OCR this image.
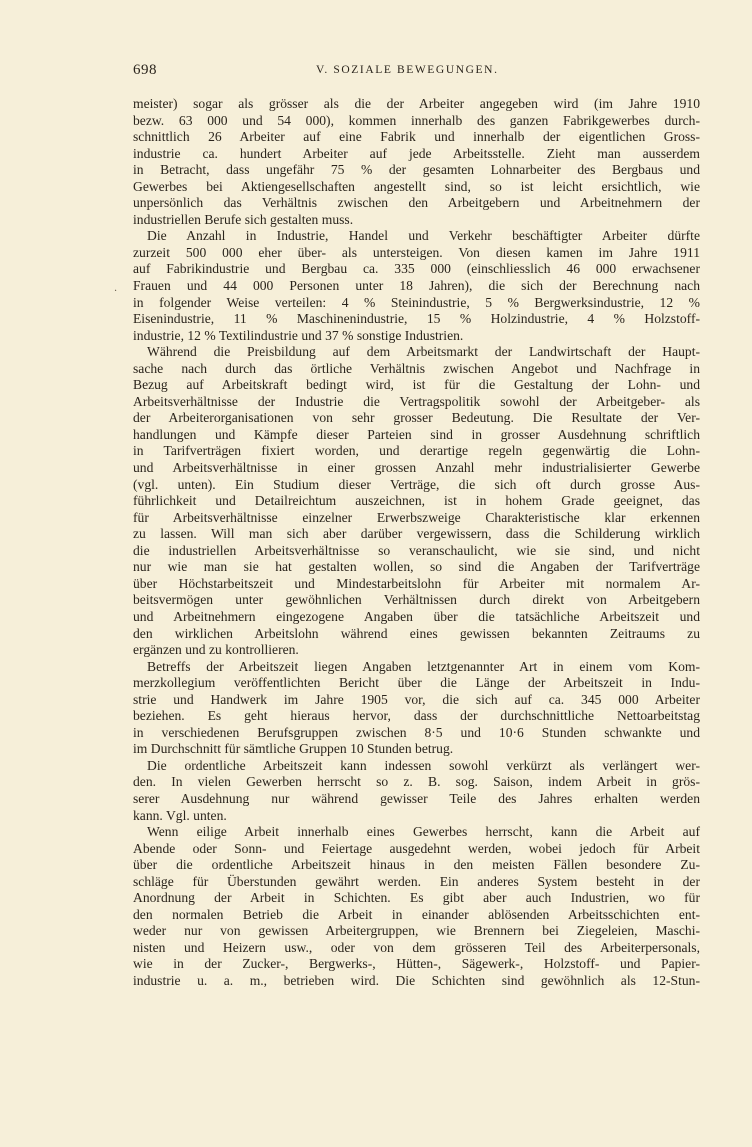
698	V. SOZIALE BEWEGUNGEN.
·
meister) sogar als grösser als die der Arbeiter angegeben wird (im Jahre 1910
bezw. 63 000 und 54 000), kommen innerhalb des ganzen Fabrikgewerbes durch-
schnittlich 26 Arbeiter auf eine Fabrik und innerhalb der eigentlichen Gross-
industrie ca. hundert Arbeiter auf jede Arbeitsstelle. Zieht man ausserdem
in Betracht, dass ungefähr 75 % der gesamten Lohnarbeiter des Bergbaus und
Gewerbes bei Aktiengesellschaften angestellt sind, so ist leicht ersichtlich, wie
unpersönlich das Verhältnis zwischen den Arbeitgebern und Arbeitnehmern der
industriellen Berufe sich gestalten muss.
Die Anzahl in Industrie, Handel und Verkehr beschäftigter Arbeiter dürfte
zurzeit 500 000 eher über- als untersteigen. Von diesen kamen im Jahre 1911
auf Fabrikindustrie und Bergbau ca. 335 000 (einschliesslich 46 000 erwachsener
Frauen und 44 000 Personen unter 18 Jahren), die sich der Berechnung nach
in folgender Weise verteilen: 4 % Steinindustrie, 5 % Bergwerksindustrie, 12 %
Eisenindustrie, 11 % Maschinenindustrie, 15 % Holzindustrie, 4 % Holzstoff-
industrie, 12 % Textilindustrie und 37 % sonstige Industrien.
Während die Preisbildung auf dem Arbeitsmarkt der Landwirtschaft der Haupt-
sache nach durch das örtliche Verhältnis zwischen Angebot und Nachfrage in
Bezug auf Arbeitskraft bedingt wird, ist für die Gestaltung der Lohn- und
Arbeitsverhältnisse der Industrie die Vertragspolitik sowohl der Arbeitgeber- als
der Arbeiterorganisationen von sehr grosser Bedeutung. Die Resultate der Ver-
handlungen und Kämpfe dieser Parteien sind in grosser Ausdehnung schriftlich
in Tarifverträgen fixiert worden, und derartige regeln gegenwärtig die Lohn-
und Arbeitsverhältnisse in einer grossen Anzahl mehr industrialisierter Gewerbe
(vgl. unten). Ein Studium dieser Verträge, die sich oft durch grosse Aus-
führlichkeit und Detailreichtum auszeichnen, ist in hohem Grade geeignet, das
für Arbeitsverhältnisse einzelner Erwerbszweige Charakteristische klar erkennen
zu lassen. Will man sich aber darüber vergewissern, dass die Schilderung wirklich
die industriellen Arbeitsverhältnisse so veranschaulicht, wie sie sind, und nicht
nur wie man sie hat gestalten wollen, so sind die Angaben der Tarifverträge
über Höchstarbeitszeit und Mindestarbeitslohn für Arbeiter mit normalem Ar-
beitsvermögen unter gewöhnlichen Verhältnissen durch direkt von Arbeitgebern
und Arbeitnehmern eingezogene Angaben über die tatsächliche Arbeitszeit und
den wirklichen Arbeitslohn während eines gewissen bekannten Zeitraums zu
ergänzen und zu kontrollieren.
Betreffs der Arbeitszeit liegen Angaben letztgenannter Art in einem vom Kom-
merzkollegium veröffentlichten Bericht über die Länge der Arbeitszeit in Indu-
strie und Handwerk im Jahre 1905 vor, die sich auf ca. 345 000 Arbeiter
beziehen. Es geht hieraus hervor, dass der durchschnittliche Nettoarbeitstag
in verschiedenen Berufsgruppen zwischen 8·5 und 10·6 Stunden schwankte und
im Durchschnitt für sämtliche Gruppen 10 Stunden betrug.
Die ordentliche Arbeitszeit kann indessen sowohl verkürzt als verlängert wer-
den. In vielen Gewerben herrscht so z. B. sog. Saison, indem Arbeit in grös-
serer Ausdehnung nur während gewisser Teile des Jahres erhalten werden
kann. Vgl. unten.
Wenn eilige Arbeit innerhalb eines Gewerbes herrscht, kann die Arbeit auf
Abende oder Sonn- und Feiertage ausgedehnt werden, wobei jedoch für Arbeit
über die ordentliche Arbeitszeit hinaus in den meisten Fällen besondere Zu-
schläge für Überstunden gewährt werden. Ein anderes System besteht in der
Anordnung der Arbeit in Schichten. Es gibt aber auch Industrien, wo für
den normalen Betrieb die Arbeit in einander ablösenden Arbeitsschichten ent-
weder nur von gewissen Arbeitergruppen, wie Brennern bei Ziegeleien, Maschi-
nisten und Heizern usw., oder von dem grösseren Teil des Arbeiterpersonals,
wie in der Zucker-, Bergwerks-, Hütten-, Sägewerk-, Holzstoff- und Papier-
industrie u. a. m., betrieben wird. Die Schichten sind gewöhnlich als 12-Stun-
